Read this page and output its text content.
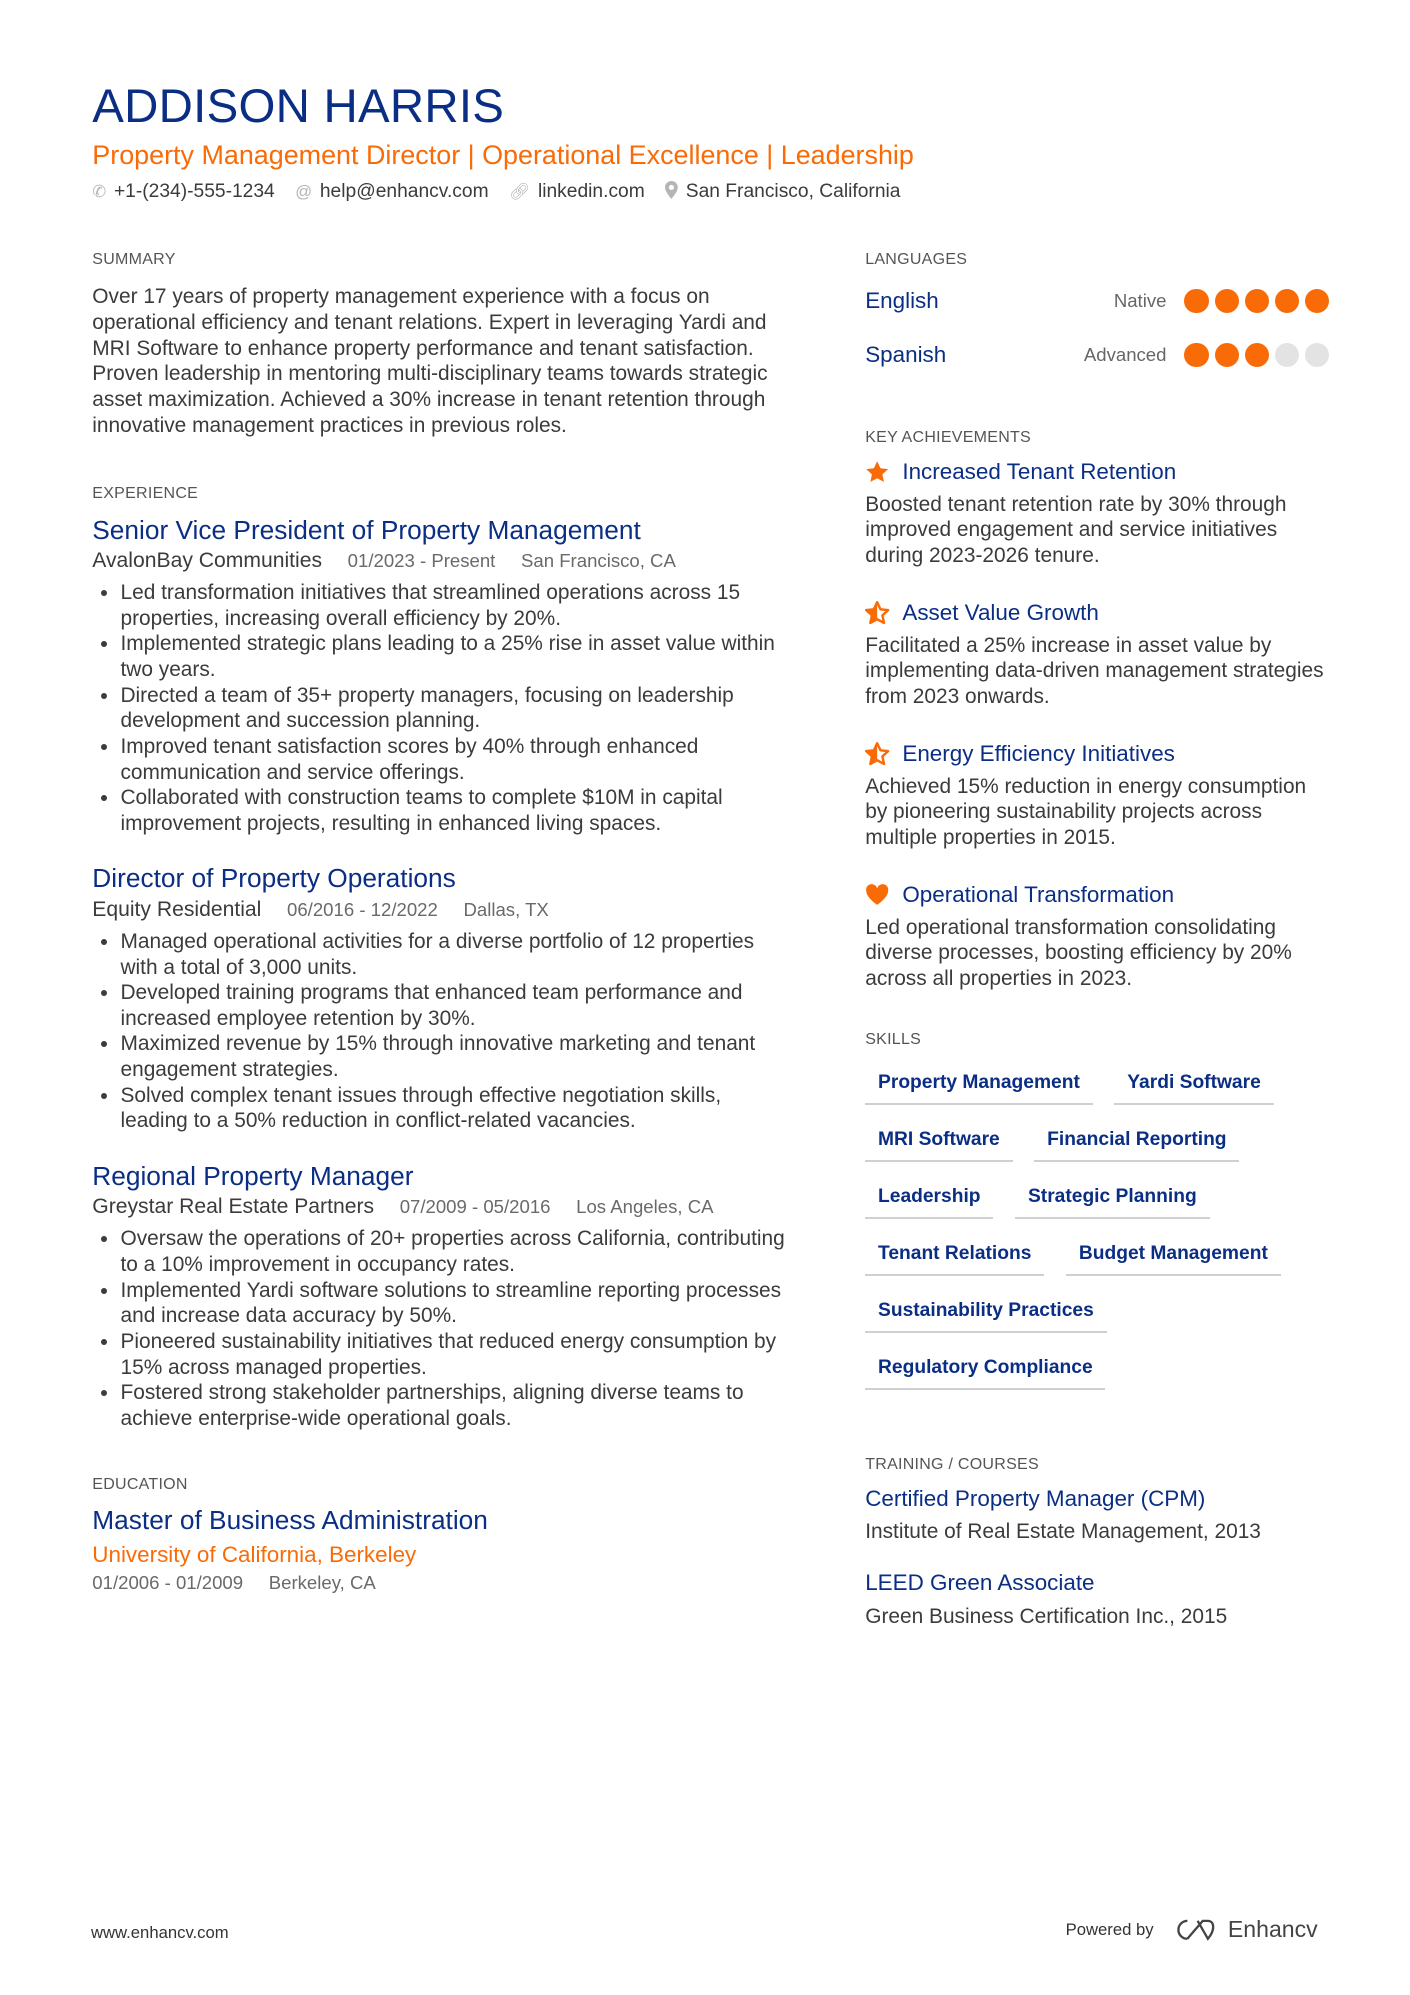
ADDISON HARRIS
Property Management Director | Operational Excellence | Leadership
✆ +1-(234)-555-1234 @ help@enhancv.com 🔗︎ linkedin.com	San Francisco, California
SUMMARY
Over 17 years of property management experience with a focus on operational efficiency and tenant relations. Expert in leveraging Yardi and MRI Software to enhance property performance and tenant satisfaction. Proven leadership in mentoring multi-disciplinary teams towards strategic asset maximization. Achieved a 30% increase in tenant retention through innovative management practices in previous roles.
EXPERIENCE
Senior Vice President of Property Management
AvalonBay Communities 01/2023 - Present San Francisco, CA
• Led transformation initiatives that streamlined operations across 15 properties, increasing overall efficiency by 20%.
• Implemented strategic plans leading to a 25% rise in asset value within two years.
• Directed a team of 35+ property managers, focusing on leadership development and succession planning.
• Improved tenant satisfaction scores by 40% through enhanced communication and service offerings.
• Collaborated with construction teams to complete $10M in capital improvement projects, resulting in enhanced living spaces.
Director of Property Operations
Equity Residential 06/2016 - 12/2022 Dallas, TX
• Managed operational activities for a diverse portfolio of 12 properties with a total of 3,000 units.
• Developed training programs that enhanced team performance and increased employee retention by 30%.
• Maximized revenue by 15% through innovative marketing and tenant engagement strategies.
• Solved complex tenant issues through effective negotiation skills, leading to a 50% reduction in conflict-related vacancies.
Regional Property Manager
Greystar Real Estate Partners 07/2009 - 05/2016 Los Angeles, CA
• Oversaw the operations of 20+ properties across California, contributing to a 10% improvement in occupancy rates.
• Implemented Yardi software solutions to streamline reporting processes and increase data accuracy by 50%.
• Pioneered sustainability initiatives that reduced energy consumption by 15% across managed properties.
• Fostered strong stakeholder partnerships, aligning diverse teams to achieve enterprise-wide operational goals.
EDUCATION
Master of Business Administration
University of California, Berkeley
01/2006 - 01/2009 Berkeley, CA
LANGUAGES
English	Native
Spanish	Advanced
KEY ACHIEVEMENTS
Increased Tenant Retention
Boosted tenant retention rate by 30% through improved engagement and service initiatives during 2023-2026 tenure.
Asset Value Growth
Facilitated a 25% increase in asset value by implementing data-driven management strategies from 2023 onwards.
Energy Efficiency Initiatives
Achieved 15% reduction in energy consumption by pioneering sustainability projects across multiple properties in 2015.
Operational Transformation
Led operational transformation consolidating diverse processes, boosting efficiency by 20% across all properties in 2023.
SKILLS
Property Management	Yardi Software
MRI Software	Financial Reporting
Leadership	Strategic Planning
Tenant Relations	Budget Management
Sustainability Practices
Regulatory Compliance
TRAINING / COURSES
Certified Property Manager (CPM)
Institute of Real Estate Management, 2013
LEED Green Associate
Green Business Certification Inc., 2015
www.enhancv.com	Powered by	Enhancv
